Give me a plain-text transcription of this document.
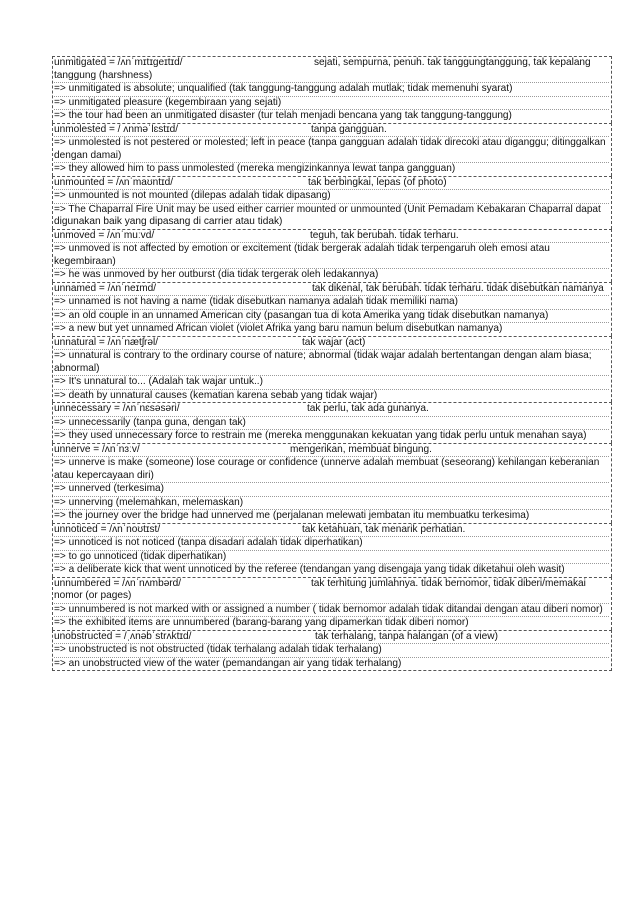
unmitigated = /ʌnˈmɪtɪɡeɪtɪd/	sejati, sempurna, penuh. tak tanggungtanggung, tak kepalang tanggung (harshness)
=> unmitigated is absolute; unqualified (tak tanggung-tanggung adalah mutlak; tidak memenuhi syarat)
=> unmitigated pleasure (kegembiraan yang sejati)
=> the tour had been an unmitigated disaster (tur telah menjadi bencana yang tak tanggung-tanggung)
unmolested = / ʌnməˈlɛstɪd/	tanpa gangguan.
=> unmolested is not pestered or molested; left in peace (tanpa gangguan adalah tidak direcoki atau diganggu; ditinggalkan dengan damai)
=> they allowed him to pass unmolested (mereka mengizinkannya lewat tanpa gangguan)
unmounted = /ʌnˈmaʊntɪd/	tak berbingkai, lepas (of photo)
=> unmounted is not mounted (dilepas adalah tidak dipasang)
=> The Chaparral Fire Unit may be used either carrier mounted or unmounted (Unit Pemadam Kebakaran Chaparral dapat digunakan baik yang dipasang di carrier atau tidak)
unmoved = /ʌnˈmuːvd/	teguh, tak berubah. tidak terharu.
=> unmoved is not affected by emotion or excitement (tidak bergerak adalah tidak terpengaruh oleh emosi atau kegembiraan)
=> he was unmoved by her outburst (dia tidak tergerak oleh ledakannya)
unnamed = /ʌnˈneɪmd/	tak dikenal, tak berubah. tidak terharu. tidak disebutkan namanya
=> unnamed is not having a name (tidak disebutkan namanya adalah tidak memiliki nama)
=> an old couple in an unnamed American city (pasangan tua di kota Amerika yang tidak disebutkan namanya)
=> a new but yet unnamed African violet (violet Afrika yang baru namun belum disebutkan namanya)
unnatural = /ʌnˈnætʃrəl/	tak wajar (act)
=> unnatural is contrary to the ordinary course of nature; abnormal (tidak wajar adalah bertentangan dengan alam biasa; abnormal)
=> It's unnatural to... (Adalah tak wajar untuk..)
=> death by unnatural causes (kematian karena sebab yang tidak wajar)
unnecessary = /ʌnˈnɛsəsəri/	tak perlu, tak ada gunanya.
=> unnecessarily (tanpa guna, dengan tak)
=> they used unnecessary force to restrain me (mereka menggunakan kekuatan yang tidak perlu untuk menahan saya)
unnerve = /ʌnˈnɜːv/	mengerikan, membuat bingung.
=> unnerve is make (someone) lose courage or confidence (unnerve adalah membuat (seseorang) kehilangan keberanian atau kepercayaan diri)
=> unnerved (terkesima)
=> unnerving (melemahkan, melemaskan)
=> the journey over the bridge had unnerved me (perjalanan melewati jembatan itu membuatku terkesima)
unnoticed = /ʌnˈnoʊtɪst/	tak ketahuan, tak menarik perhatian.
=> unnoticed is not noticed (tanpa disadari adalah tidak diperhatikan)
=> to go unnoticed (tidak diperhatikan)
=> a deliberate kick that went unnoticed by the referee (tendangan yang disengaja yang tidak diketahui oleh wasit)
unnumbered = /ʌnˈnʌmbərd/	tak terhitung jumlahnya. tidak bernomor, tidak diberi/memakai nomor (or pages)
=> unnumbered is not marked with or assigned a number ( tidak bernomor adalah tidak ditandai dengan atau diberi nomor)
=> the exhibited items are unnumbered (barang-barang yang dipamerkan tidak diberi nomor)
unobstructed = /ˌʌnəbˈstrʌktɪd/	tak terhalang, tanpa halangan (of a view)
=> unobstructed is not obstructed (tidak terhalang adalah tidak terhalang)
=> an unobstructed view of the water (pemandangan air yang tidak terhalang)
